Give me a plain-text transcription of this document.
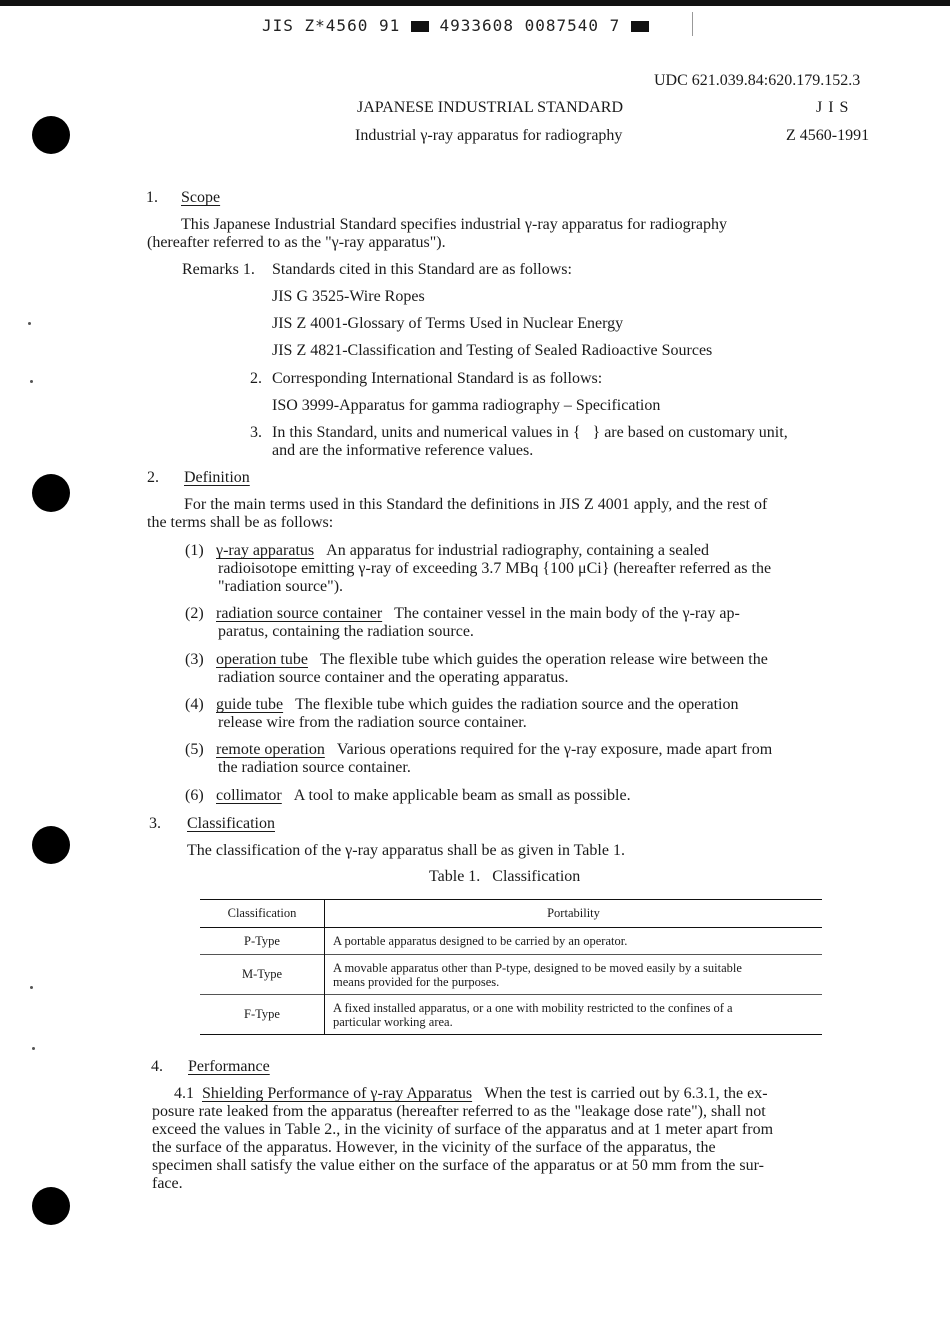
JIS Z*4560 91 4933608 0087540 7
UDC 621.039.84:620.179.152.3
JAPANESE INDUSTRIAL STANDARD	J I S
Industrial γ-ray apparatus for radiography	Z 4560-1991
1. Scope
This Japanese Industrial Standard specifies industrial γ-ray apparatus for radiography
(hereafter referred to as the "γ-ray apparatus").
Remarks 1. Standards cited in this Standard are as follows:
JIS G 3525-Wire Ropes
JIS Z 4001-Glossary of Terms Used in Nuclear Energy
JIS Z 4821-Classification and Testing of Sealed Radioactive Sources
2. Corresponding International Standard is as follows:
ISO 3999-Apparatus for gamma radiography – Specification
3. In this Standard, units and numerical values in {   } are based on customary unit,
and are the informative reference values.
2. Definition
For the main terms used in this Standard the definitions in JIS Z 4001 apply, and the rest of
the terms shall be as follows:
(1) γ-ray apparatus An apparatus for industrial radiography, containing a sealed
radioisotope emitting γ-ray of exceeding 3.7 MBq {100 μCi} (hereafter referred as the
"radiation source").
(2) radiation source container The container vessel in the main body of the γ-ray ap-
paratus, containing the radiation source.
(3) operation tube The flexible tube which guides the operation release wire between the
radiation source container and the operating apparatus.
(4) guide tube The flexible tube which guides the radiation source and the operation
release wire from the radiation source container.
(5) remote operation Various operations required for the γ-ray exposure, made apart from
the radiation source container.
(6) collimator A tool to make applicable beam as small as possible.
3. Classification
The classification of the γ-ray apparatus shall be as given in Table 1.
Table 1.   Classification
Classification	Portability
P-Type	A portable apparatus designed to be carried by an operator.
M-Type	A movable apparatus other than P-type, designed to be moved easily by a suitable
means provided for the purposes.
F-Type	A fixed installed apparatus, or a one with mobility restricted to the confines of a
particular working area.
4. Performance
4.1 Shielding Performance of γ-ray Apparatus When the test is carried out by 6.3.1, the ex-
posure rate leaked from the apparatus (hereafter referred to as the "leakage dose rate"), shall not
exceed the values in Table 2., in the vicinity of surface of the apparatus and at 1 meter apart from
the surface of the apparatus. However, in the vicinity of the surface of the apparatus, the
specimen shall satisfy the value either on the surface of the apparatus or at 50 mm from the sur-
face.
